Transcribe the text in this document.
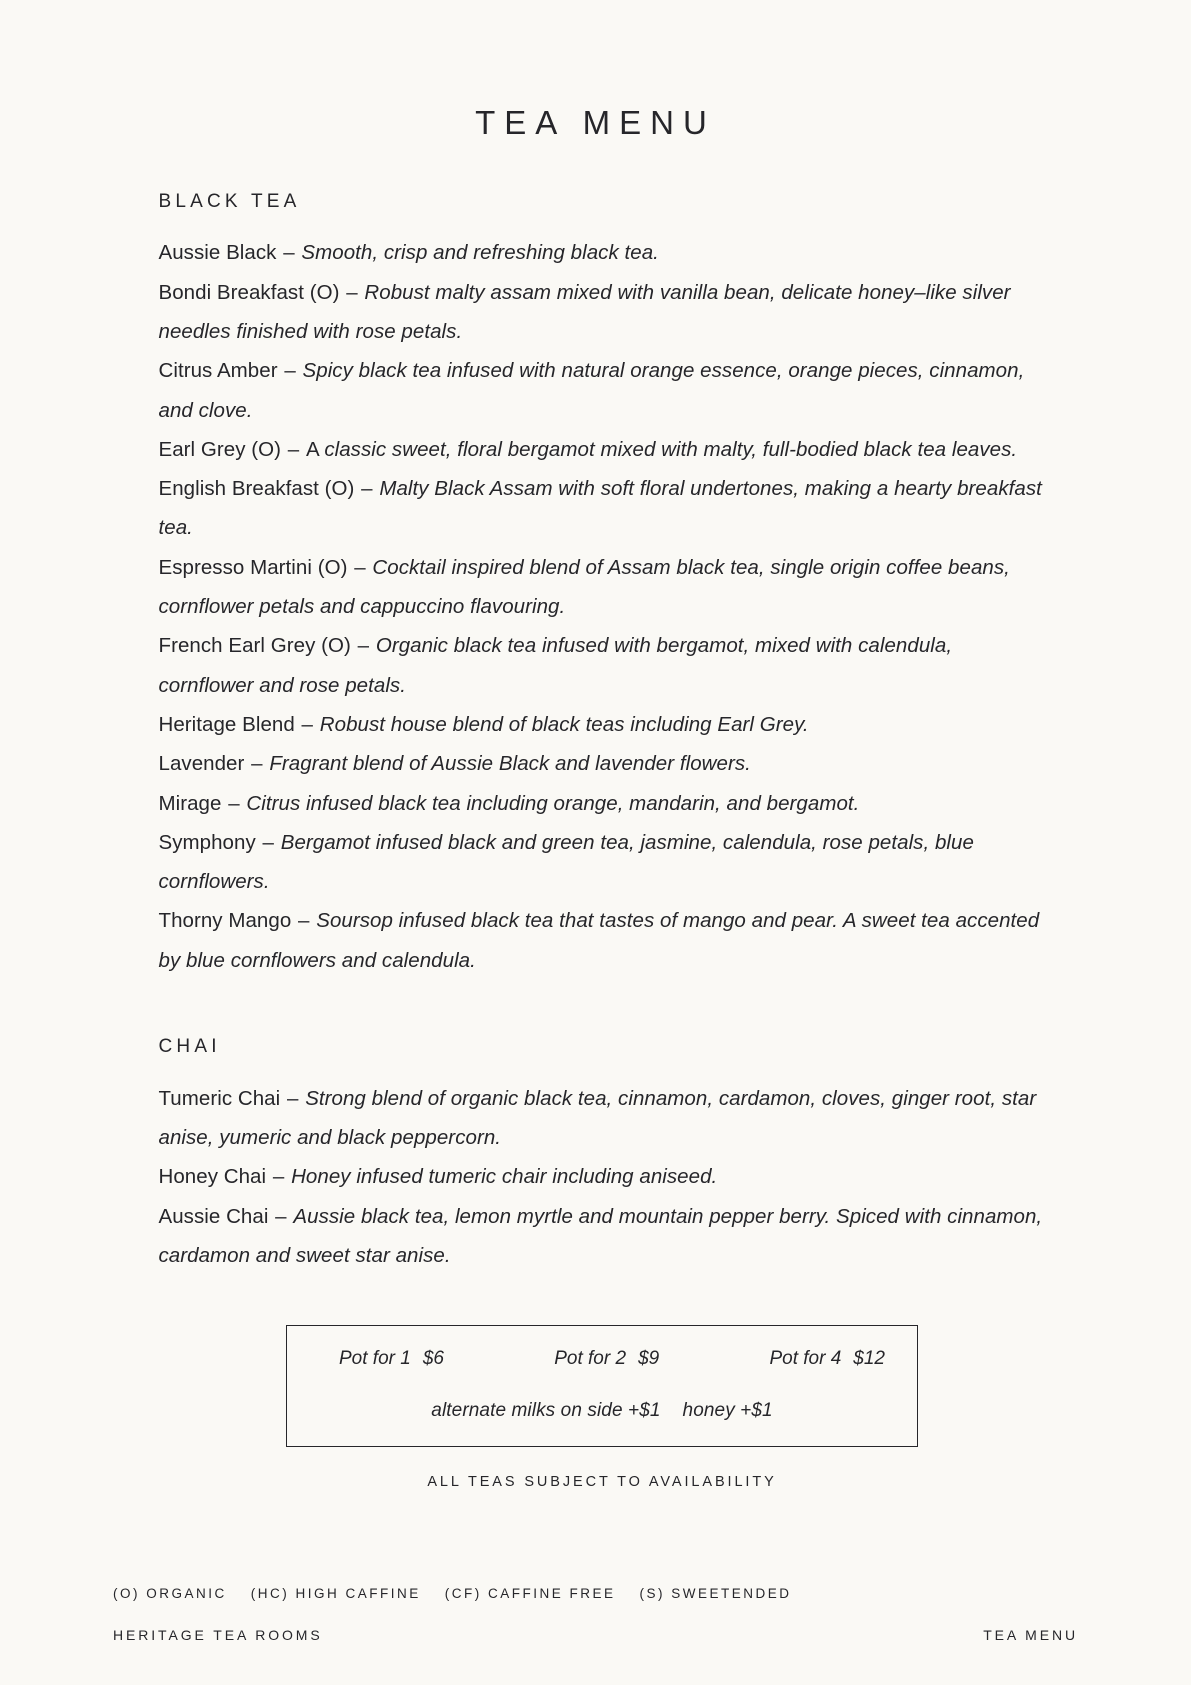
TEA MENU
BLACK TEA
Aussie Black – Smooth, crisp and refreshing black tea.
Bondi Breakfast (O) – Robust malty assam mixed with vanilla bean, delicate honey–like silver needles finished with rose petals.
Citrus Amber – Spicy black tea infused with natural orange essence, orange pieces, cinnamon, and clove.
Earl Grey (O) – A classic sweet, floral bergamot mixed with malty, full-bodied black tea leaves.
English Breakfast (O) – Malty Black Assam with soft floral undertones, making a hearty breakfast tea.
Espresso Martini (O) – Cocktail inspired blend of Assam black tea, single origin coffee beans, cornflower petals and cappuccino flavouring.
French Earl Grey (O) – Organic black tea infused with bergamot, mixed with calendula, cornflower and rose petals.
Heritage Blend – Robust house blend of black teas including Earl Grey.
Lavender – Fragrant blend of Aussie Black and lavender flowers.
Mirage – Citrus infused black tea including orange, mandarin, and bergamot.
Symphony – Bergamot infused black and green tea, jasmine, calendula, rose petals, blue cornflowers.
Thorny Mango – Soursop infused black tea that tastes of mango and pear. A sweet tea accented by blue cornflowers and calendula.
CHAI
Tumeric Chai – Strong blend of organic black tea, cinnamon, cardamon, cloves, ginger root, star anise, yumeric and black peppercorn.
Honey Chai – Honey infused tumeric chair including aniseed.
Aussie Chai – Aussie black tea, lemon myrtle and mountain pepper berry. Spiced with cinnamon, cardamon and sweet star anise.
Pot for 1 $6	Pot for 2 $9	Pot for 4 $12
alternate milks on side +$1 honey +$1
ALL TEAS SUBJECT TO AVAILABILITY
(O) ORGANIC (HC) HIGH CAFFINE (CF) CAFFINE FREE (S) SWEETENDED
HERITAGE TEA ROOMS	TEA MENU
